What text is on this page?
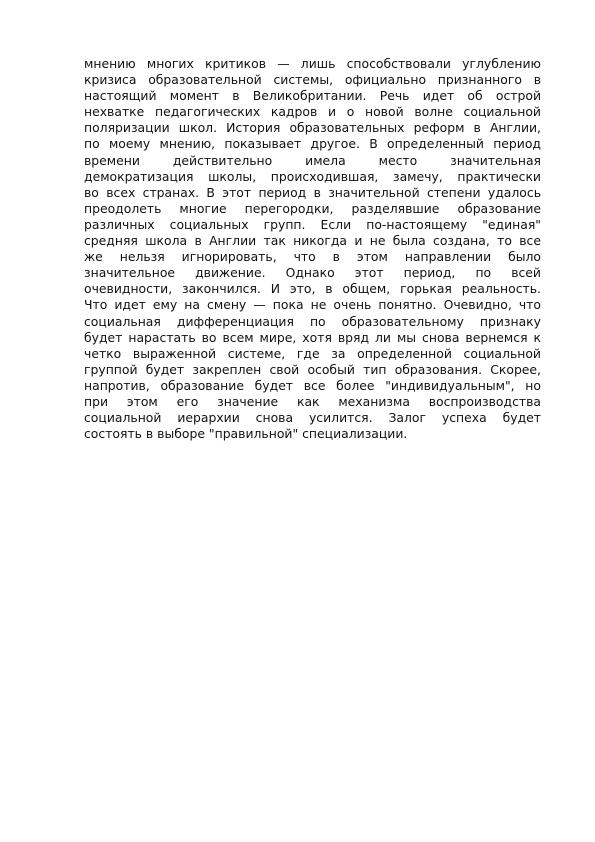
мнению многих критиков — лишь способствовали углублению
кризиса образовательной системы, официально признанного в
настоящий момент в Великобритании. Речь идет об острой
нехватке педагогических кадров и о новой волне социальной
поляризации школ. История образовательных реформ в Англии,
по моему мнению, показывает другое. В определенный период
времени действительно имела место значительная
демократизация школы, происходившая, замечу, практически
во всех странах. В этот период в значительной степени удалось
преодолеть многие перегородки, разделявшие образование
различных социальных групп. Если по-настоящему "единая"
средняя школа в Англии так никогда и не была создана, то все
же нельзя игнорировать, что в этом направлении было
значительное движение. Однако этот период, по всей
очевидности, закончился. И это, в общем, горькая реальность.
Что идет ему на смену — пока не очень понятно. Очевидно, что
социальная дифференциация по образовательному признаку
будет нарастать во всем мире, хотя вряд ли мы снова вернемся к
четко выраженной системе, где за определенной социальной
группой будет закреплен свой особый тип образования. Скорее,
напротив, образование будет все более "индивидуальным", но
при этом его значение как механизма воспроизводства
социальной иерархии снова усилится. Залог успеха будет
состоять в выборе "правильной" специализации.
